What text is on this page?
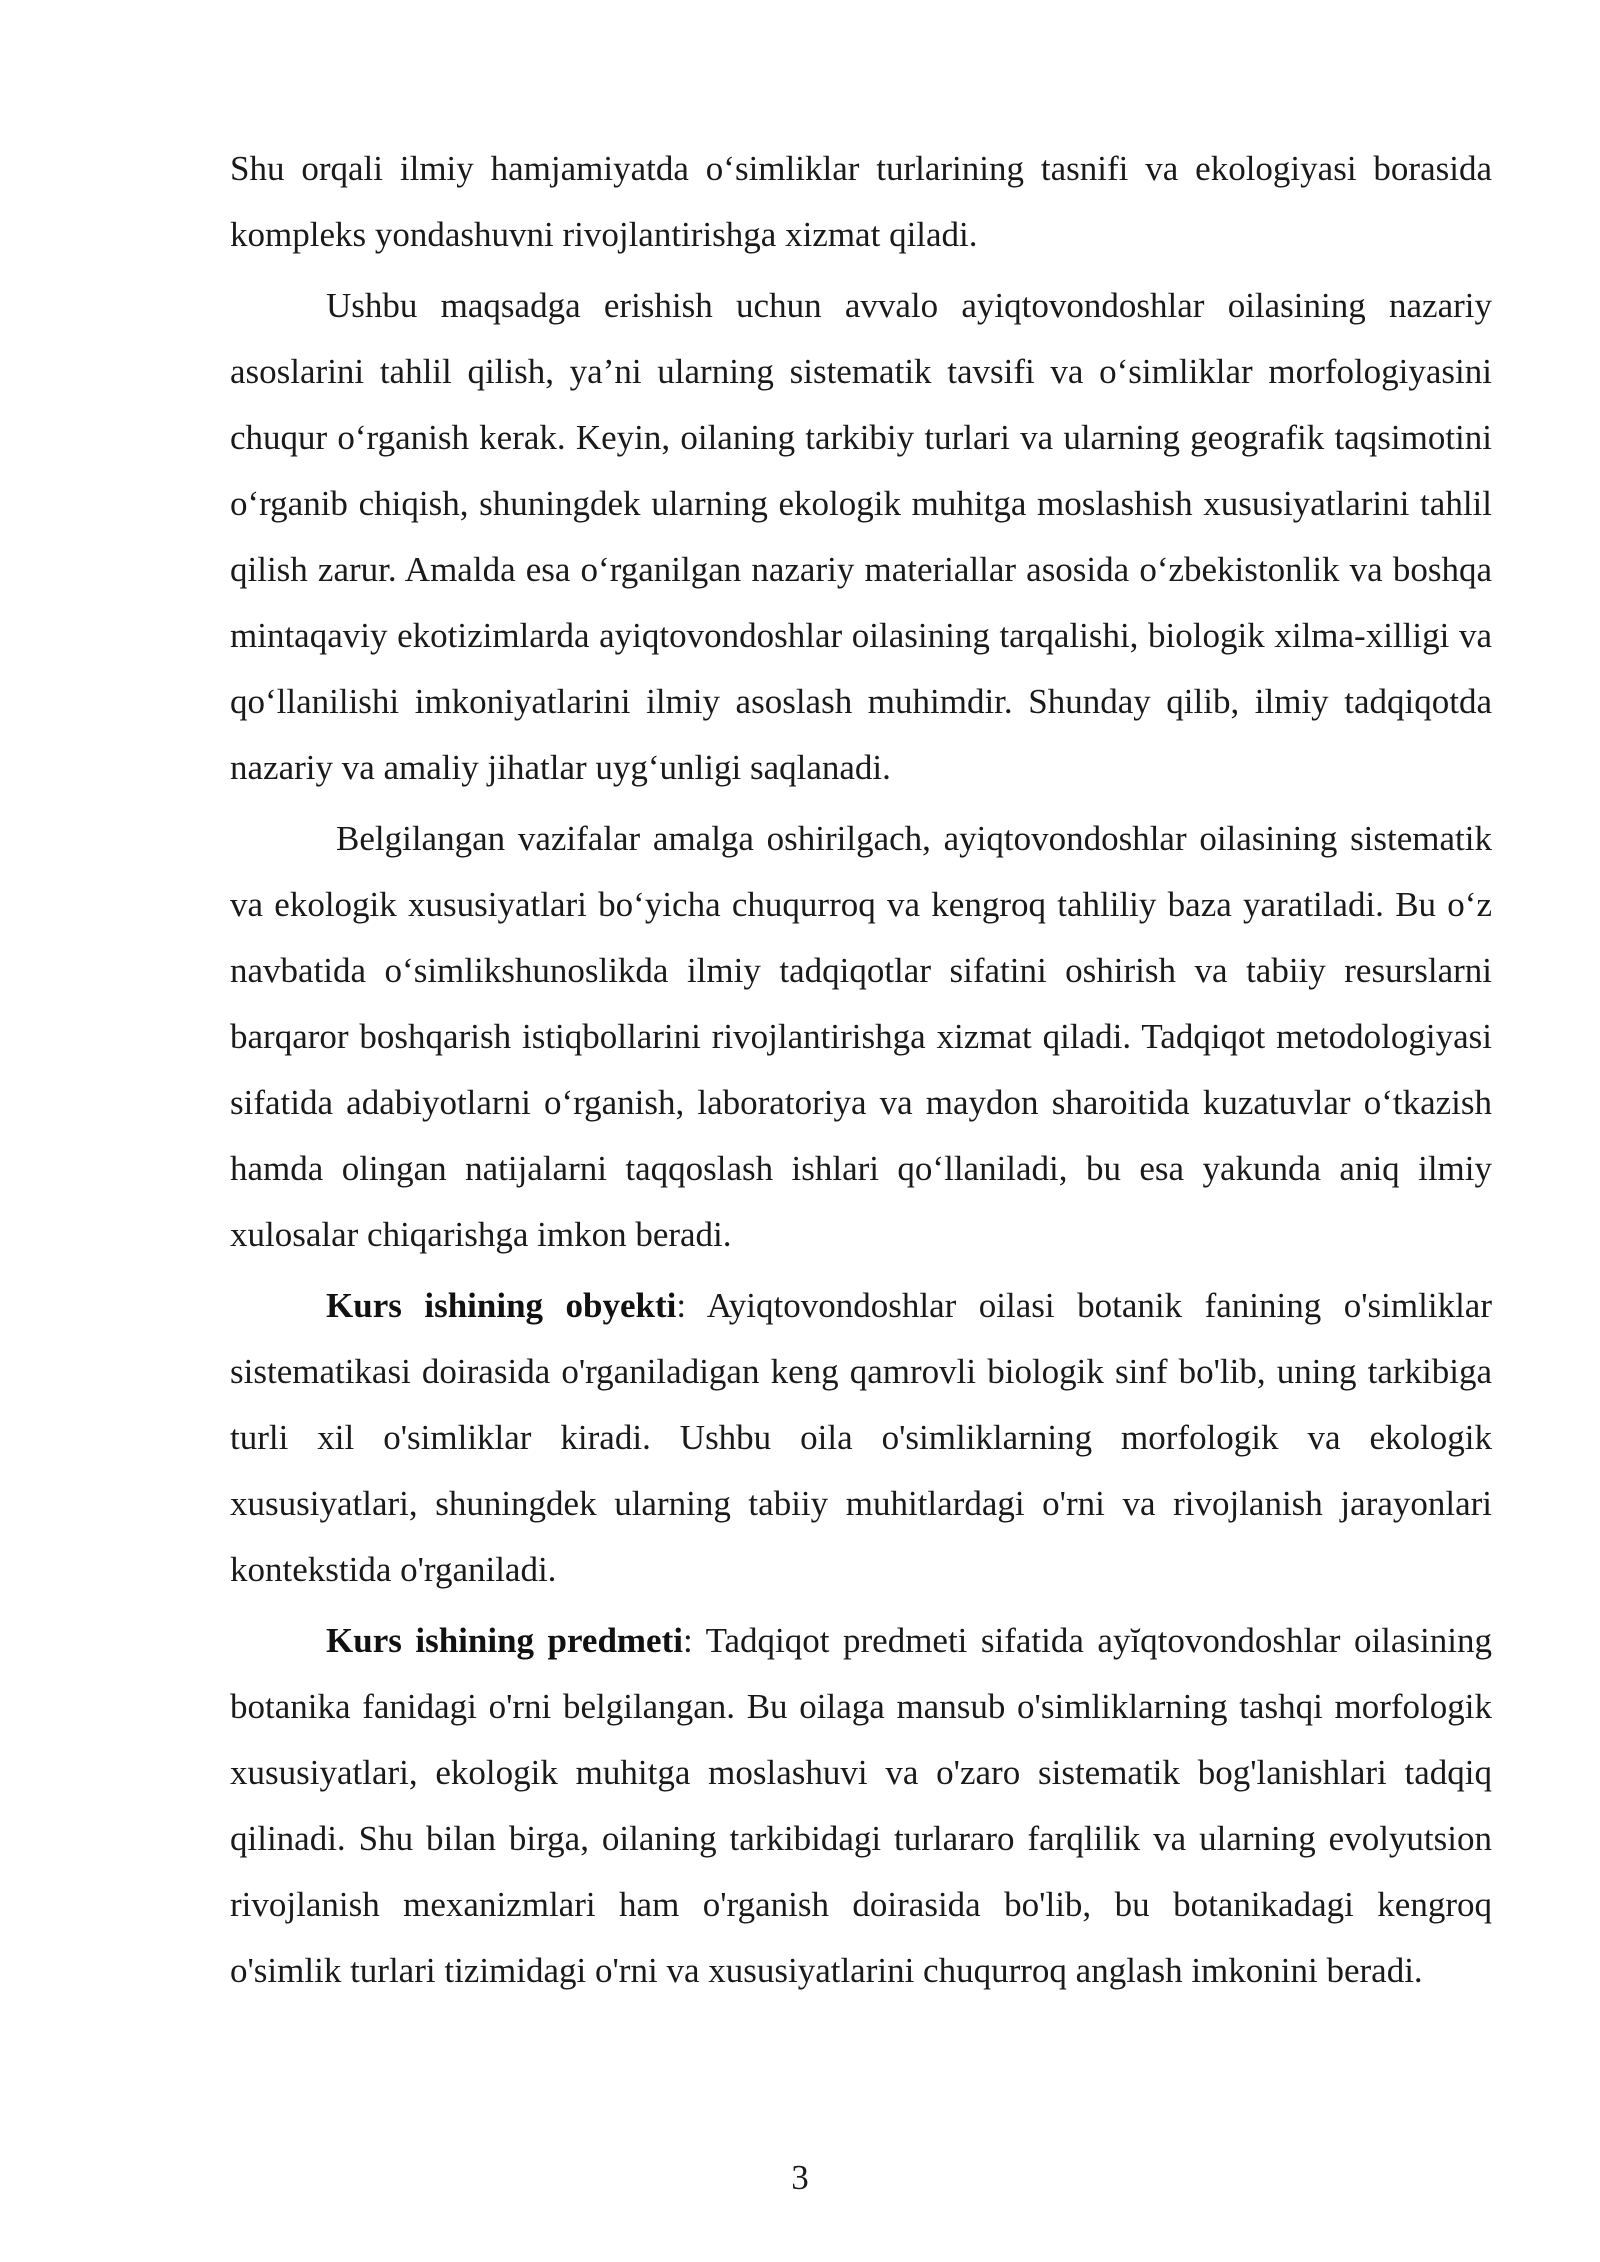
Shu orqali ilmiy hamjamiyatda o‘simliklar turlarining tasnifi va ekologiyasi borasida kompleks yondashuvni rivojlantirishga xizmat qiladi.

Ushbu maqsadga erishish uchun avvalo ayiqtovondoshlar oilasining nazariy asoslarini tahlil qilish, ya’ni ularning sistematik tavsifi va o‘simliklar morfologiyasini chuqur o‘rganish kerak. Keyin, oilaning tarkibiy turlari va ularning geografik taqsimotini o‘rganib chiqish, shuningdek ularning ekologik muhitga moslashish xususiyatlarini tahlil qilish zarur. Amalda esa o‘rganilgan nazariy materiallar asosida o‘zbekistonlik va boshqa mintaqaviy ekotizimlarda ayiqtovondoshlar oilasining tarqalishi, biologik xilma-xilligi va qo‘llanilishi imkoniyatlarini ilmiy asoslash muhimdir. Shunday qilib, ilmiy tadqiqotda nazariy va amaliy jihatlar uyg‘unligi saqlanadi.

Belgilangan vazifalar amalga oshirilgach, ayiqtovondoshlar oilasining sistematik va ekologik xususiyatlari bo‘yicha chuqurroq va kengroq tahliliy baza yaratiladi. Bu o‘z navbatida o‘simlikshunoslikda ilmiy tadqiqotlar sifatini oshirish va tabiiy resurslarni barqaror boshqarish istiqbollarini rivojlantirishga xizmat qiladi. Tadqiqot metodologiyasi sifatida adabiyotlarni o‘rganish, laboratoriya va maydon sharoitida kuzatuvlar o‘tkazish hamda olingan natijalarni taqqoslash ishlari qo‘llaniladi, bu esa yakunda aniq ilmiy xulosalar chiqarishga imkon beradi.

Kurs ishining obyekti: Ayiqtovondoshlar oilasi botanik fanining o'simliklar sistematikasi doirasida o'rganiladigan keng qamrovli biologik sinf bo'lib, uning tarkibiga turli xil o'simliklar kiradi. Ushbu oila o'simliklarning morfologik va ekologik xususiyatlari, shuningdek ularning tabiiy muhitlardagi o'rni va rivojlanish jarayonlari kontekstida o'rganiladi.

Kurs ishining predmeti: Tadqiqot predmeti sifatida ayĭqtovondoshlar oilasining botanika fanidagi o'rni belgilangan. Bu oilaga mansub o'simliklarning tashqi morfologik xususiyatlari, ekologik muhitga moslashuvi va o'zaro sistematik bog'lanishlari tadqiq qilinadi. Shu bilan birga, oilaning tarkibidagi turlararo farqlilik va ularning evolyutsion rivojlanish mexanizmlari ham o'rganish doirasida bo'lib, bu botanikadagi kengroq o'simlik turlari tizimidagi o'rni va xususiyatlarini chuqurroq anglash imkonini beradi.

3
